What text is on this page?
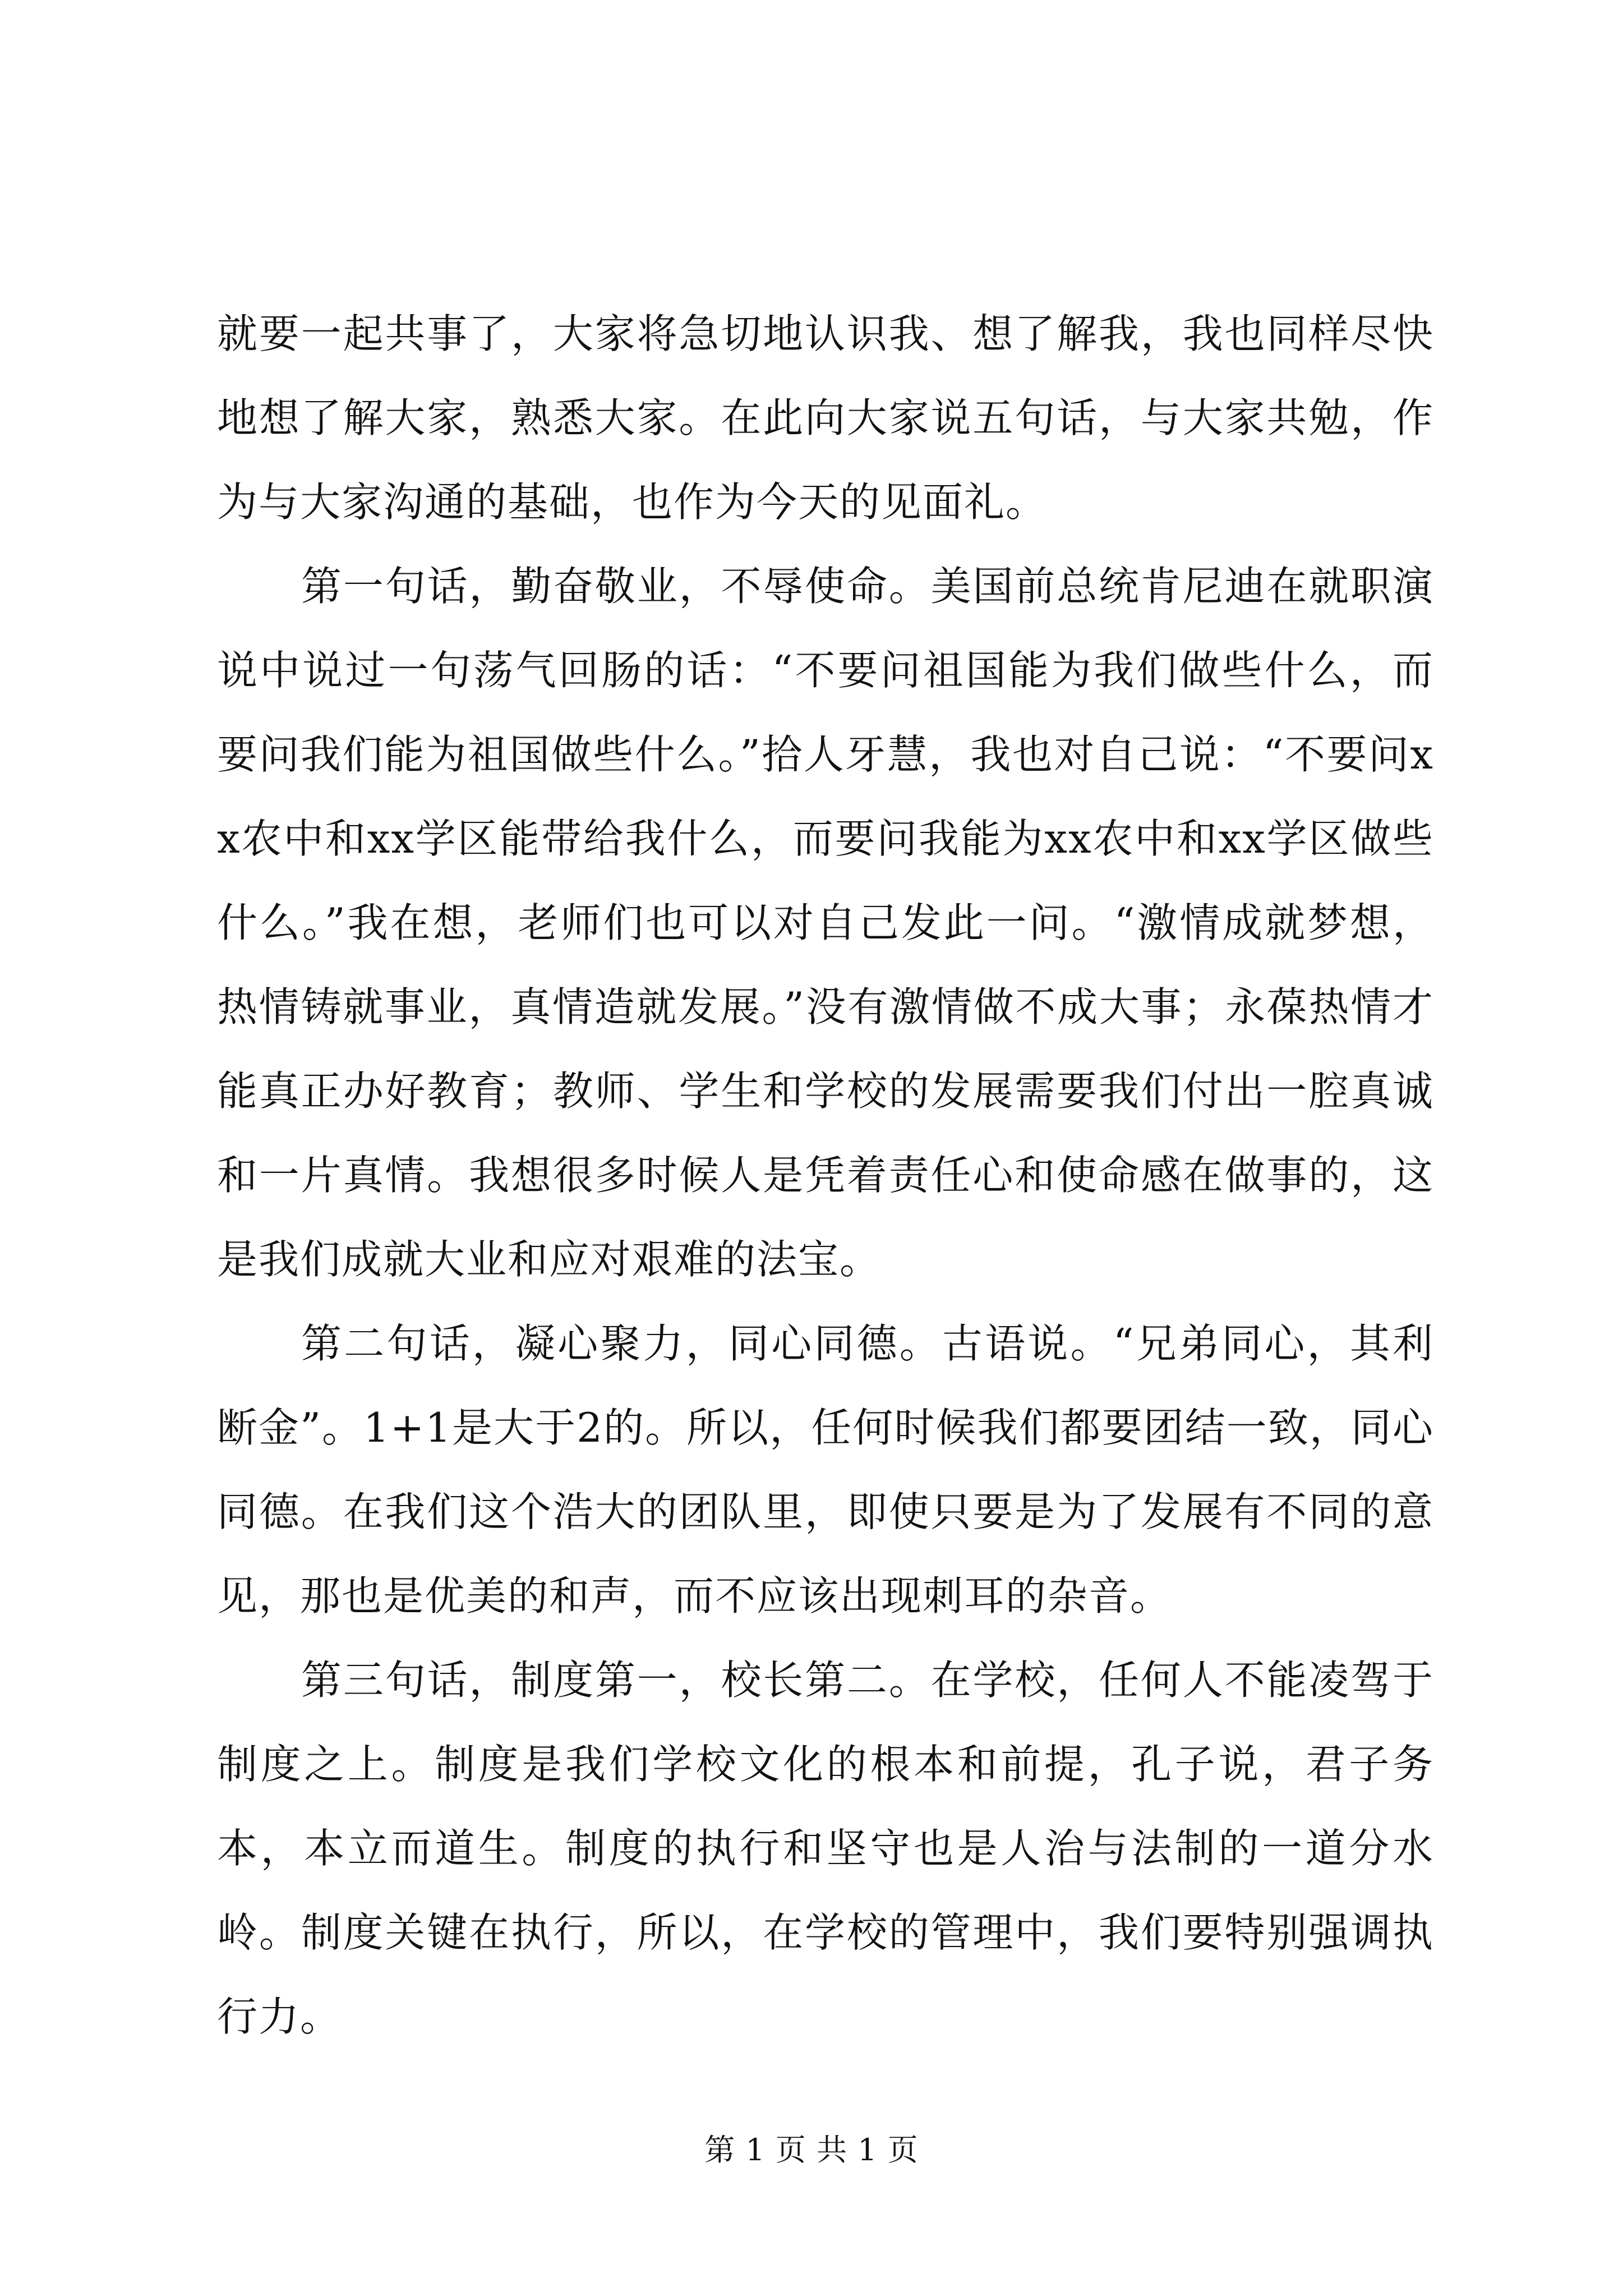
就要一起共事了，大家将急切地认识我、想了解我，我也同样尽快地想了解大家，熟悉大家。在此向大家说五句话，与大家共勉，作为与大家沟通的基础，也作为今天的见面礼。

第一句话，勤奋敬业，不辱使命。美国前总统肯尼迪在就职演说中说过一句荡气回肠的话：“不要问祖国能为我们做些什么，而要问我们能为祖国做些什么。”拾人牙慧，我也对自己说：“不要问xx农中和xx学区能带给我什么，而要问我能为xx农中和xx学区做些什么。”我在想，老师们也可以对自己发此一问。“激情成就梦想，热情铸就事业，真情造就发展。”没有激情做不成大事；永葆热情才能真正办好教育；教师、学生和学校的发展需要我们付出一腔真诚和一片真情。我想很多时候人是凭着责任心和使命感在做事的，这是我们成就大业和应对艰难的法宝。

第二句话，凝心聚力，同心同德。古语说。“兄弟同心，其利断金”。1+1是大于2的。所以，任何时候我们都要团结一致，同心同德。在我们这个浩大的团队里，即使只要是为了发展有不同的意见，那也是优美的和声，而不应该出现刺耳的杂音。

第三句话，制度第一，校长第二。在学校，任何人不能凌驾于制度之上。制度是我们学校文化的根本和前提，孔子说，君子务本，本立而道生。制度的执行和坚守也是人治与法制的一道分水岭。制度关键在执行，所以，在学校的管理中，我们要特别强调执行力。

第 1 页 共 1 页
